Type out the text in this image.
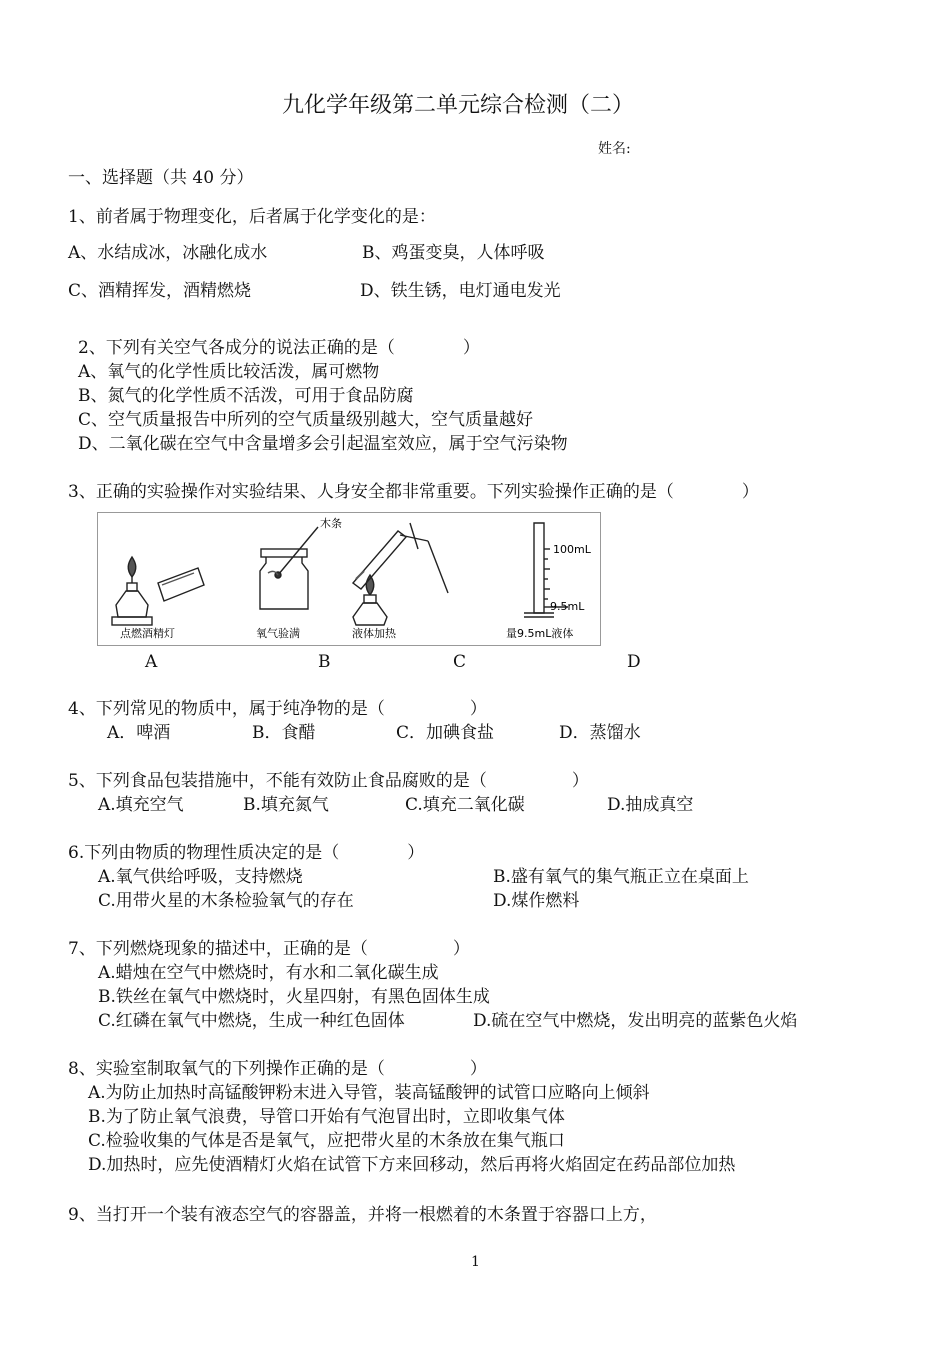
九化学年级第二单元综合检测（二）
姓名:
一、选择题（共 40 分）
1、前者属于物理变化，后者属于化学变化的是：
A、水结成冰，冰融化成水	B、鸡蛋变臭，人体呼吸
C、酒精挥发，酒精燃烧	D、铁生锈，电灯通电发光
2、下列有关空气各成分的说法正确的是（　　　　）
A、氧气的化学性质比较活泼，属可燃物
B、氮气的化学性质不活泼，可用于食品防腐
C、空气质量报告中所列的空气质量级别越大，空气质量越好
D、二氧化碳在空气中含量增多会引起温室效应，属于空气污染物
3、正确的实验操作对实验结果、人身安全都非常重要。下列实验操作正确的是（　　　　）
木条
100mL
9.5mL
点燃酒精灯	氧气验满	液体加热	量9.5mL液体
A	B	C	D
4、下列常见的物质中，属于纯净物的是（　　　　　）
A．啤酒	B．食醋	C．加碘食盐	D．蒸馏水
5、下列食品包装措施中，不能有效防止食品腐败的是（　　　　　）
A.填充空气	B.填充氮气	C.填充二氧化碳	D.抽成真空
6.下列由物质的物理性质决定的是（　　　　）
A.氧气供给呼吸，支持燃烧	B.盛有氧气的集气瓶正立在桌面上
C.用带火星的木条检验氧气的存在	D.煤作燃料
7、下列燃烧现象的描述中，正确的是（　　　　　）
A.蜡烛在空气中燃烧时，有水和二氧化碳生成
B.铁丝在氧气中燃烧时，火星四射，有黑色固体生成
C.红磷在氧气中燃烧，生成一种红色固体	D.硫在空气中燃烧，发出明亮的蓝紫色火焰
8、实验室制取氧气的下列操作正确的是（　　　　　）
A.为防止加热时高锰酸钾粉末进入导管，装高锰酸钾的试管口应略向上倾斜
B.为了防止氧气浪费，导管口开始有气泡冒出时，立即收集气体
C.检验收集的气体是否是氧气，应把带火星的木条放在集气瓶口
D.加热时，应先使酒精灯火焰在试管下方来回移动，然后再将火焰固定在药品部位加热
9、当打开一个装有液态空气的容器盖，并将一根燃着的木条置于容器口上方，
1
